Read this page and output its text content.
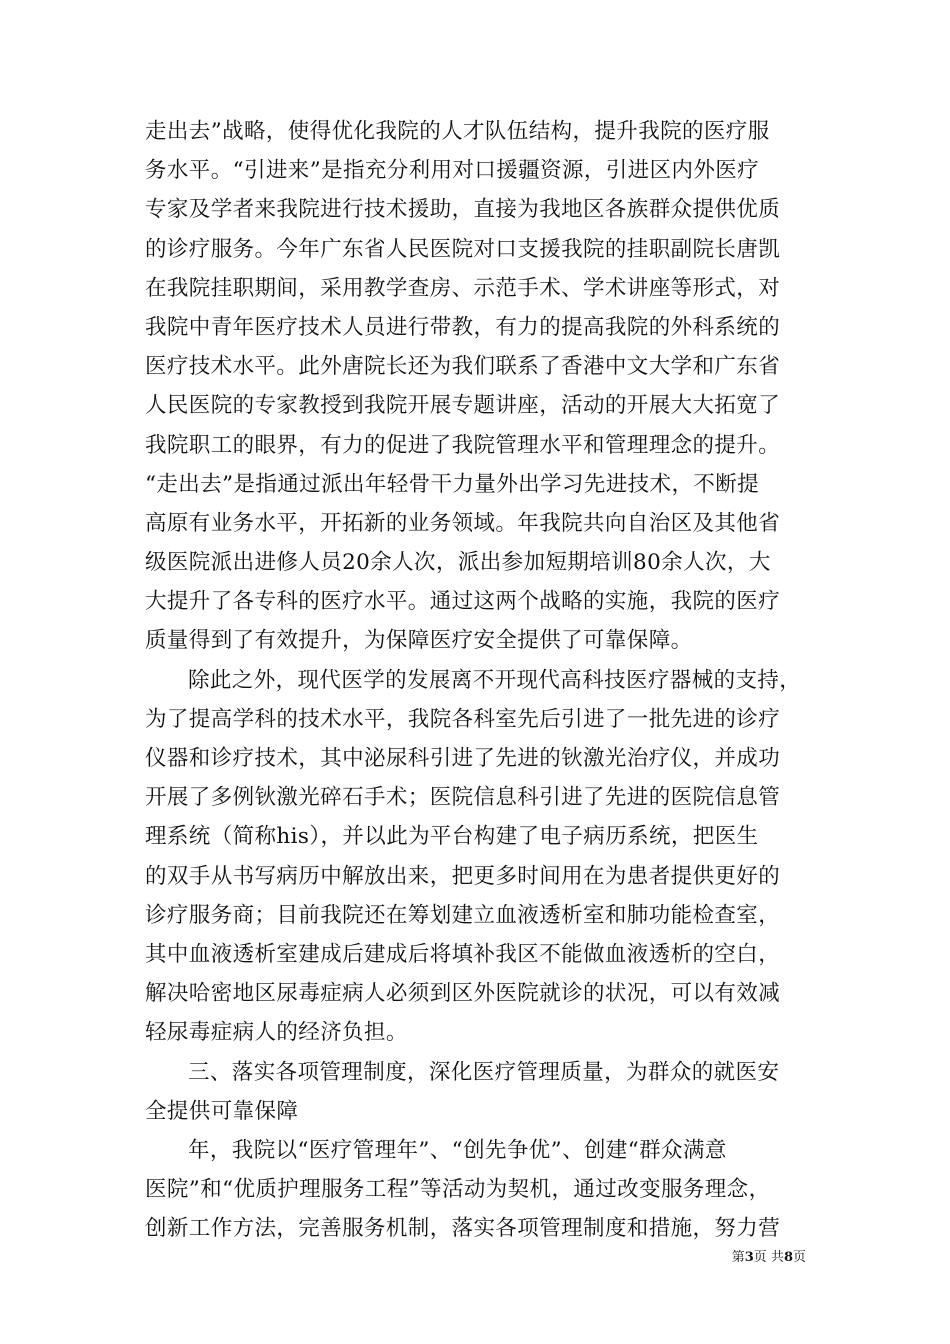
走出去”战略，使得优化我院的人才队伍结构，提升我院的医疗服
务水平。“引进来”是指充分利用对口援疆资源，引进区内外医疗
专家及学者来我院进行技术援助，直接为我地区各族群众提供优质
的诊疗服务。今年广东省人民医院对口支援我院的挂职副院长唐凯
在我院挂职期间，采用教学查房、示范手术、学术讲座等形式，对
我院中青年医疗技术人员进行带教，有力的提高我院的外科系统的
医疗技术水平。此外唐院长还为我们联系了香港中文大学和广东省
人民医院的专家教授到我院开展专题讲座，活动的开展大大拓宽了
我院职工的眼界，有力的促进了我院管理水平和管理理念的提升。
“走出去”是指通过派出年轻骨干力量外出学习先进技术，不断提
高原有业务水平，开拓新的业务领域。年我院共向自治区及其他省
级医院派出进修人员20余人次，派出参加短期培训80余人次，大
大提升了各专科的医疗水平。通过这两个战略的实施，我院的医疗
质量得到了有效提升，为保障医疗安全提供了可靠保障。
除此之外，现代医学的发展离不开现代高科技医疗器械的支持，
为了提高学科的技术水平，我院各科室先后引进了一批先进的诊疗
仪器和诊疗技术，其中泌尿科引进了先进的钬激光治疗仪，并成功
开展了多例钬激光碎石手术；医院信息科引进了先进的医院信息管
理系统（简称his），并以此为平台构建了电子病历系统，把医生
的双手从书写病历中解放出来，把更多时间用在为患者提供更好的
诊疗服务商；目前我院还在筹划建立血液透析室和肺功能检查室，
其中血液透析室建成后建成后将填补我区不能做血液透析的空白，
解决哈密地区尿毒症病人必须到区外医院就诊的状况，可以有效减
轻尿毒症病人的经济负担。
三、落实各项管理制度，深化医疗管理质量，为群众的就医安
全提供可靠保障
年，我院以“医疗管理年”、“创先争优”、创建“群众满意
医院”和“优质护理服务工程”等活动为契机，通过改变服务理念，
创新工作方法，完善服务机制，落实各项管理制度和措施，努力营
第3页 共8页
